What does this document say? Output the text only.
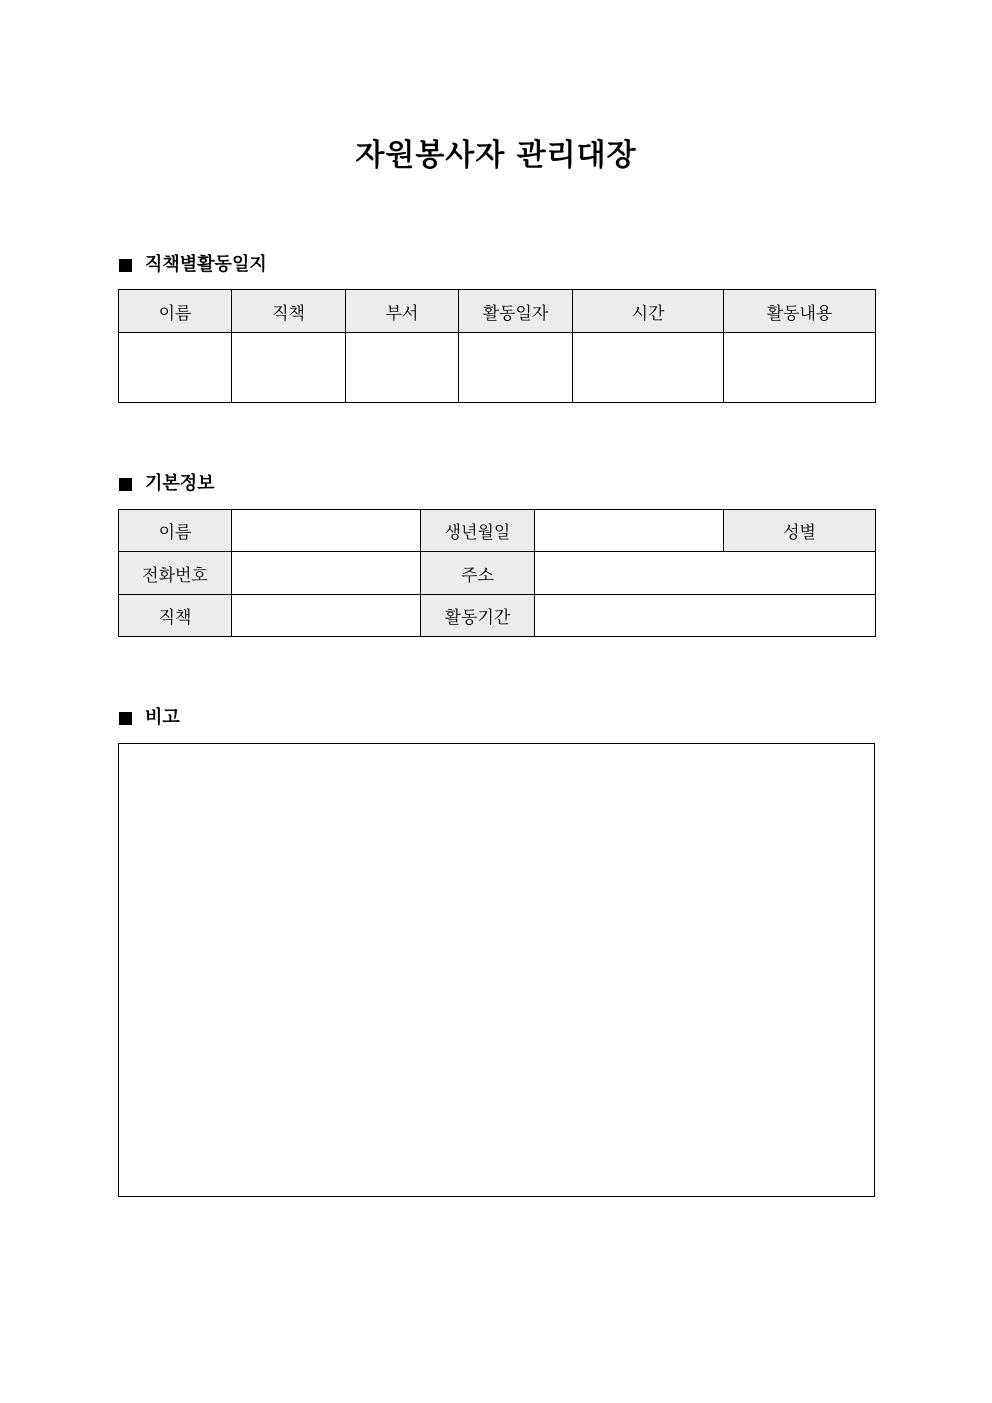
자원봉사자 관리대장
직책별활동일지
이름	직책	부서	활동일자	시간	활동내용

기본정보
이름		생년월일		성별
전화번호		주소		
직책		활동기간		
비고
